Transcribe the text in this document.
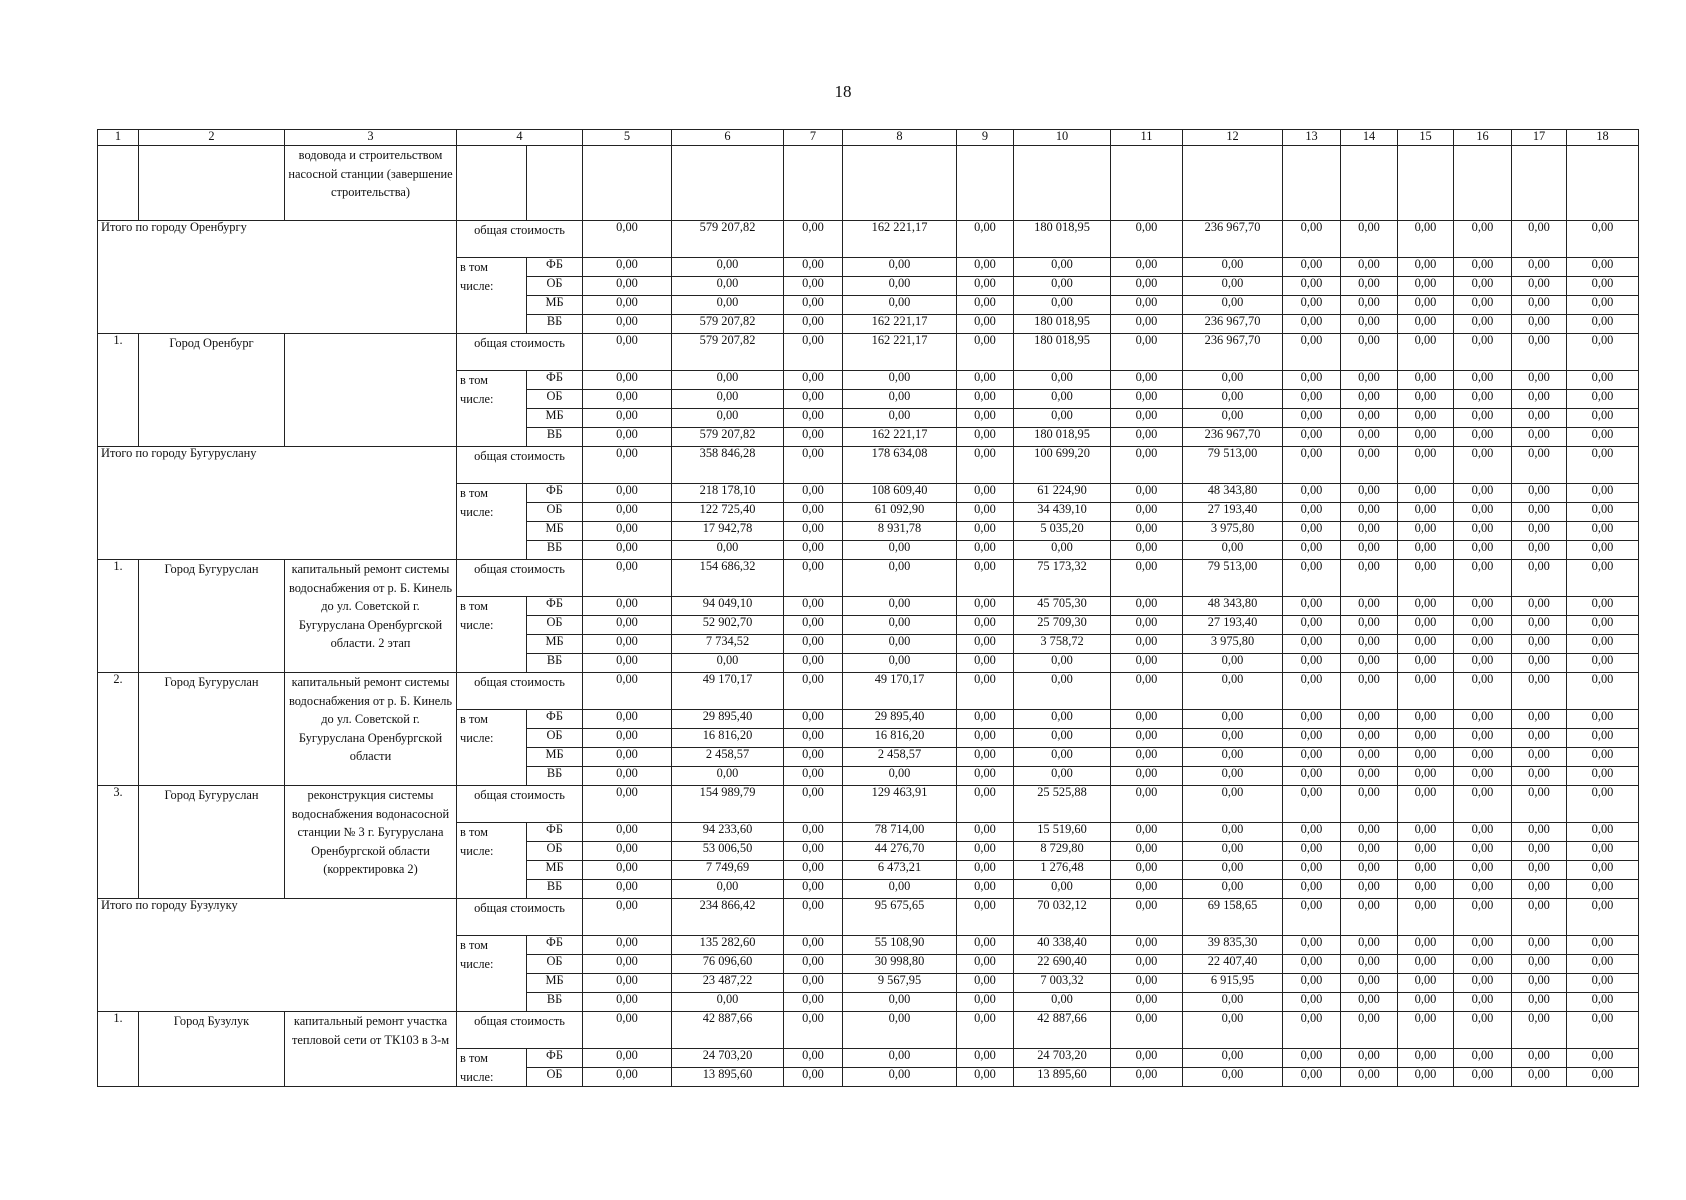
18
1	2	3	4		5	6	7	8	9	10	11	12	13	14	15	16	17	18
		водовода и строительством насосной станции (завершение строительства)																
Итого по городу Оренбургу			общая стоимость		0,00	579 207,82	0,00	162 221,17	0,00	180 018,95	0,00	236 967,70	0,00	0,00	0,00	0,00	0,00	0,00
			в том числе:	ФБ	0,00	0,00	0,00	0,00	0,00	0,00	0,00	0,00	0,00	0,00	0,00	0,00	0,00	0,00
				ОБ	0,00	0,00	0,00	0,00	0,00	0,00	0,00	0,00	0,00	0,00	0,00	0,00	0,00	0,00
				МБ	0,00	0,00	0,00	0,00	0,00	0,00	0,00	0,00	0,00	0,00	0,00	0,00	0,00	0,00
				ВБ	0,00	579 207,82	0,00	162 221,17	0,00	180 018,95	0,00	236 967,70	0,00	0,00	0,00	0,00	0,00	0,00
1.	Город Оренбург		общая стоимость		0,00	579 207,82	0,00	162 221,17	0,00	180 018,95	0,00	236 967,70	0,00	0,00	0,00	0,00	0,00	0,00
			в том числе:	ФБ	0,00	0,00	0,00	0,00	0,00	0,00	0,00	0,00	0,00	0,00	0,00	0,00	0,00	0,00
				ОБ	0,00	0,00	0,00	0,00	0,00	0,00	0,00	0,00	0,00	0,00	0,00	0,00	0,00	0,00
				МБ	0,00	0,00	0,00	0,00	0,00	0,00	0,00	0,00	0,00	0,00	0,00	0,00	0,00	0,00
				ВБ	0,00	579 207,82	0,00	162 221,17	0,00	180 018,95	0,00	236 967,70	0,00	0,00	0,00	0,00	0,00	0,00
Итого по городу Бугуруслану			общая стоимость		0,00	358 846,28	0,00	178 634,08	0,00	100 699,20	0,00	79 513,00	0,00	0,00	0,00	0,00	0,00	0,00
			в том числе:	ФБ	0,00	218 178,10	0,00	108 609,40	0,00	61 224,90	0,00	48 343,80	0,00	0,00	0,00	0,00	0,00	0,00
				ОБ	0,00	122 725,40	0,00	61 092,90	0,00	34 439,10	0,00	27 193,40	0,00	0,00	0,00	0,00	0,00	0,00
				МБ	0,00	17 942,78	0,00	8 931,78	0,00	5 035,20	0,00	3 975,80	0,00	0,00	0,00	0,00	0,00	0,00
				ВБ	0,00	0,00	0,00	0,00	0,00	0,00	0,00	0,00	0,00	0,00	0,00	0,00	0,00	0,00
1.	Город Бугуруслан	капитальный ремонт системы водоснабжения от р. Б. Кинель до ул. Советской г. Бугуруслана Оренбургской области. 2 этап	общая стоимость		0,00	154 686,32	0,00	0,00	0,00	75 173,32	0,00	79 513,00	0,00	0,00	0,00	0,00	0,00	0,00
			в том числе:	ФБ	0,00	94 049,10	0,00	0,00	0,00	45 705,30	0,00	48 343,80	0,00	0,00	0,00	0,00	0,00	0,00
				ОБ	0,00	52 902,70	0,00	0,00	0,00	25 709,30	0,00	27 193,40	0,00	0,00	0,00	0,00	0,00	0,00
				МБ	0,00	7 734,52	0,00	0,00	0,00	3 758,72	0,00	3 975,80	0,00	0,00	0,00	0,00	0,00	0,00
				ВБ	0,00	0,00	0,00	0,00	0,00	0,00	0,00	0,00	0,00	0,00	0,00	0,00	0,00	0,00
2.	Город Бугуруслан	капитальный ремонт системы водоснабжения от р. Б. Кинель до ул. Советской г. Бугуруслана Оренбургской области	общая стоимость		0,00	49 170,17	0,00	49 170,17	0,00	0,00	0,00	0,00	0,00	0,00	0,00	0,00	0,00	0,00
			в том числе:	ФБ	0,00	29 895,40	0,00	29 895,40	0,00	0,00	0,00	0,00	0,00	0,00	0,00	0,00	0,00	0,00
				ОБ	0,00	16 816,20	0,00	16 816,20	0,00	0,00	0,00	0,00	0,00	0,00	0,00	0,00	0,00	0,00
				МБ	0,00	2 458,57	0,00	2 458,57	0,00	0,00	0,00	0,00	0,00	0,00	0,00	0,00	0,00	0,00
				ВБ	0,00	0,00	0,00	0,00	0,00	0,00	0,00	0,00	0,00	0,00	0,00	0,00	0,00	0,00
3.	Город Бугуруслан	реконструкция системы водоснабжения водонасосной станции № 3 г. Бугуруслана Оренбургской области (корректировка 2)	общая стоимость		0,00	154 989,79	0,00	129 463,91	0,00	25 525,88	0,00	0,00	0,00	0,00	0,00	0,00	0,00	0,00
			в том числе:	ФБ	0,00	94 233,60	0,00	78 714,00	0,00	15 519,60	0,00	0,00	0,00	0,00	0,00	0,00	0,00	0,00
				ОБ	0,00	53 006,50	0,00	44 276,70	0,00	8 729,80	0,00	0,00	0,00	0,00	0,00	0,00	0,00	0,00
				МБ	0,00	7 749,69	0,00	6 473,21	0,00	1 276,48	0,00	0,00	0,00	0,00	0,00	0,00	0,00	0,00
				ВБ	0,00	0,00	0,00	0,00	0,00	0,00	0,00	0,00	0,00	0,00	0,00	0,00	0,00	0,00
Итого по городу Бузулуку			общая стоимость		0,00	234 866,42	0,00	95 675,65	0,00	70 032,12	0,00	69 158,65	0,00	0,00	0,00	0,00	0,00	0,00
			в том числе:	ФБ	0,00	135 282,60	0,00	55 108,90	0,00	40 338,40	0,00	39 835,30	0,00	0,00	0,00	0,00	0,00	0,00
				ОБ	0,00	76 096,60	0,00	30 998,80	0,00	22 690,40	0,00	22 407,40	0,00	0,00	0,00	0,00	0,00	0,00
				МБ	0,00	23 487,22	0,00	9 567,95	0,00	7 003,32	0,00	6 915,95	0,00	0,00	0,00	0,00	0,00	0,00
				ВБ	0,00	0,00	0,00	0,00	0,00	0,00	0,00	0,00	0,00	0,00	0,00	0,00	0,00	0,00
1.	Город Бузулук	капитальный ремонт участка тепловой сети от ТК103 в 3-м	общая стоимость		0,00	42 887,66	0,00	0,00	0,00	42 887,66	0,00	0,00	0,00	0,00	0,00	0,00	0,00	0,00
			в том числе:	ФБ	0,00	24 703,20	0,00	0,00	0,00	24 703,20	0,00	0,00	0,00	0,00	0,00	0,00	0,00	0,00
				ОБ	0,00	13 895,60	0,00	0,00	0,00	13 895,60	0,00	0,00	0,00	0,00	0,00	0,00	0,00	0,00
